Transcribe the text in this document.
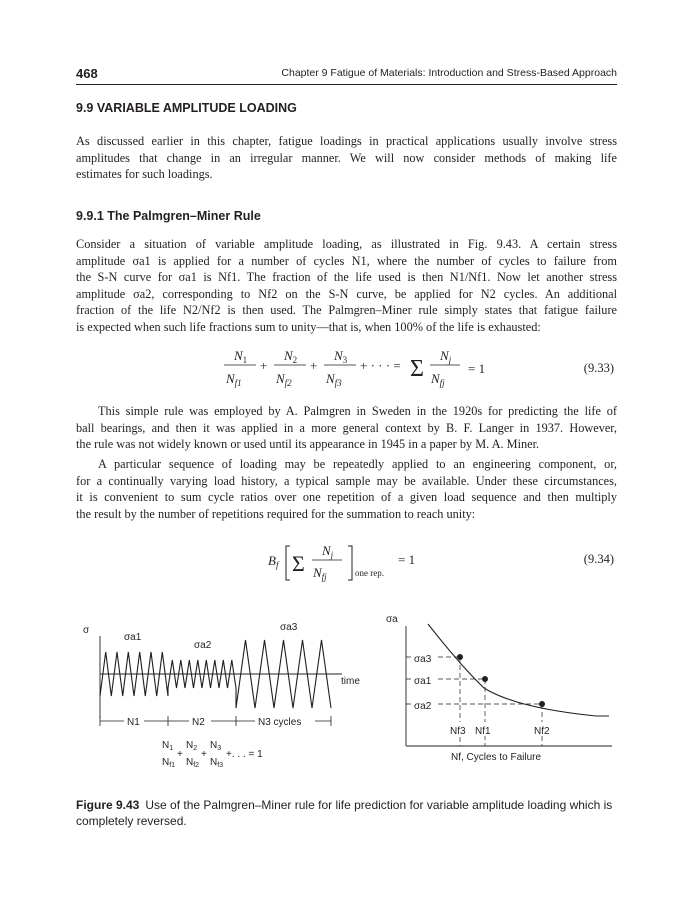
468	Chapter 9 Fatigue of Materials: Introduction and Stress-Based Approach
9.9 VARIABLE AMPLITUDE LOADING
As discussed earlier in this chapter, fatigue loadings in practical applications usually involve stress
amplitudes that change in an irregular manner. We will now consider methods of making life
estimates for such loadings.
9.9.1 The Palmgren–Miner Rule
Consider a situation of variable amplitude loading, as illustrated in Fig. 9.43. A certain stress
amplitude σa1 is applied for a number of cycles N1, where the number of cycles to failure from
the S-N curve for σa1 is Nf1. The fraction of the life used is then N1/Nf1. Now let another stress
amplitude σa2, corresponding to Nf2 on the S-N curve, be applied for N2 cycles. An additional
fraction of the life N2/Nf2 is then used. The Palmgren–Miner rule simply states that fatigue failure
is expected when such life fractions sum to unity—that is, when 100% of the life is exhausted:
$N_1$
$N_{f1}$
+
$N_2$
$N_{f2}$
+
$N_3$
$N_{f3}$
+ · · · = Σ
$N_j$
$N_{fj}$
= 1	(9.33)
This simple rule was employed by A. Palmgren in Sweden in the 1920s for predicting the life of
ball bearings, and then it was applied in a more general context by B. F. Langer in 1937. However,
the rule was not widely known or used until its appearance in 1945 in a paper by M. A. Miner.
A particular sequence of loading may be repeatedly applied to an engineering component, or,
for a continually varying load history, a typical sample may be available. Under these circumstances,
it is convenient to sum cycle ratios over one repetition of a given load sequence and then multiply
the result by the number of repetitions required for the summation to reach unity:
$B_f$ Σ
$N_j$
$N_{fj}$	one rep.
= 1	(9.34)
σ
σa1
σa2
σa3
time
N1	N2	N3 cycles
$N_1$
$N_{f1}$
+
$N_2$
$N_{f2}$
+
$N_3$
$N_{f3}$
+. . . = 1
σa
σa3
σa1
σa2
Nf3 Nf1	Nf2
Nf, Cycles to Failure
Figure 9.43 Use of the Palmgren–Miner rule for life prediction for variable amplitude loading which is completely reversed.
